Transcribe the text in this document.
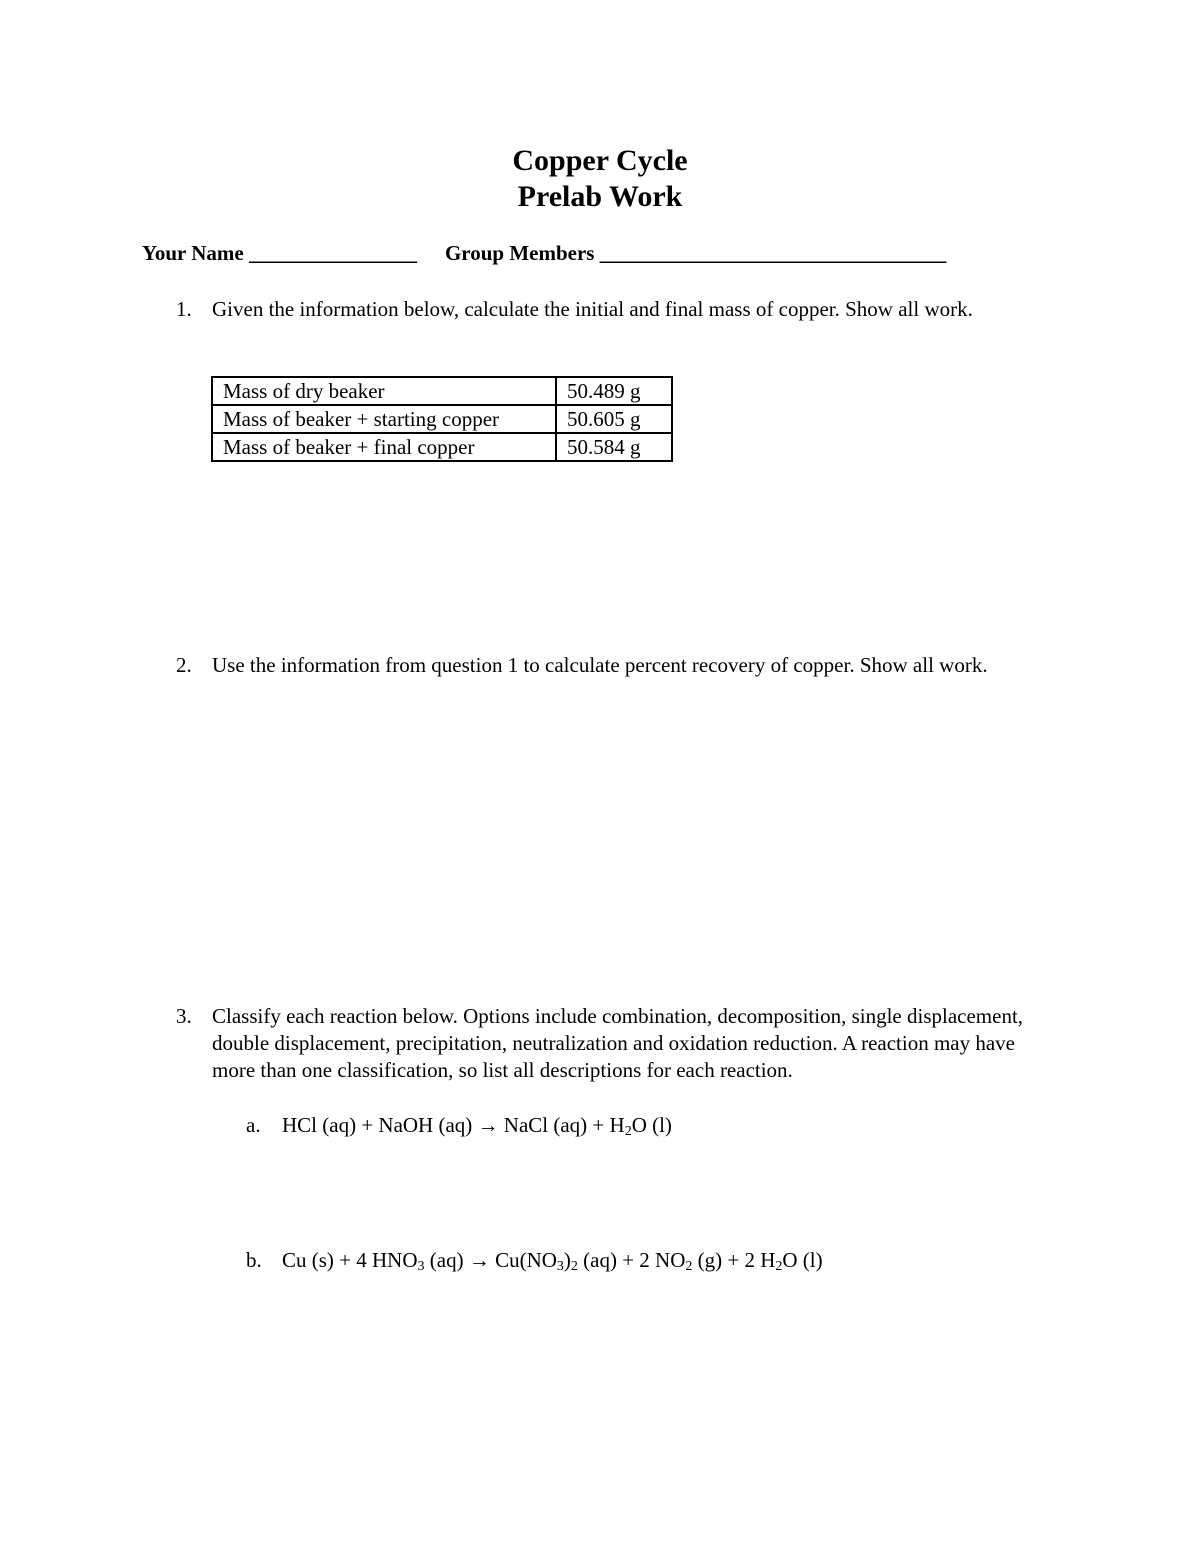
Copper Cycle
Prelab Work
Your Name ________________ Group Members _________________________________
1. Given the information below, calculate the initial and final mass of copper. Show all work.
Mass of dry beaker	50.489 g
Mass of beaker + starting copper	50.605 g
Mass of beaker + final copper	50.584 g
2. Use the information from question 1 to calculate percent recovery of copper. Show all work.
3. Classify each reaction below. Options include combination, decomposition, single displacement, double displacement, precipitation, neutralization and oxidation reduction. A reaction may have more than one classification, so list all descriptions for each reaction.
a. HCl (aq) + NaOH (aq) → NaCl $(aq) + H_2O$ (l)
b. Cu (s) + 4 $HNO_3$ $(aq) \to Cu(NO_3)_2$ (aq) + 2 $NO_2$ (g) + 2 $H_2O$ (l)
